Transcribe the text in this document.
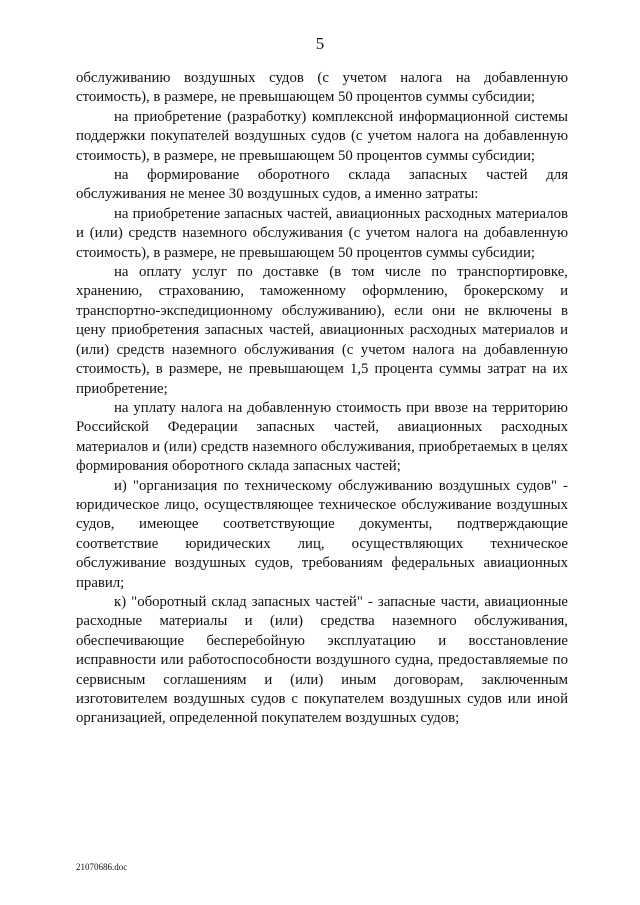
5

обслуживанию воздушных судов (с учетом налога на добавленную стоимость), в размере, не превышающем 50 процентов суммы субсидии;

на приобретение (разработку) комплексной информационной системы поддержки покупателей воздушных судов (с учетом налога на добавленную стоимость), в размере, не превышающем 50 процентов суммы субсидии;

на формирование оборотного склада запасных частей для обслуживания не менее 30 воздушных судов, а именно затраты:

на приобретение запасных частей, авиационных расходных материалов и (или) средств наземного обслуживания (с учетом налога на добавленную стоимость), в размере, не превышающем 50 процентов суммы субсидии;

на оплату услуг по доставке (в том числе по транспортировке, хранению, страхованию, таможенному оформлению, брокерскому и транспортно-экспедиционному обслуживанию), если они не включены в цену приобретения запасных частей, авиационных расходных материалов и (или) средств наземного обслуживания (с учетом налога на добавленную стоимость), в размере, не превышающем 1,5 процента суммы затрат на их приобретение;

на уплату налога на добавленную стоимость при ввозе на территорию Российской Федерации запасных частей, авиационных расходных материалов и (или) средств наземного обслуживания, приобретаемых в целях формирования оборотного склада запасных частей;

и) "организация по техническому обслуживанию воздушных судов" - юридическое лицо, осуществляющее техническое обслуживание воздушных судов, имеющее соответствующие документы, подтверждающие соответствие юридических лиц, осуществляющих техническое обслуживание воздушных судов, требованиям федеральных авиационных правил;

к) "оборотный склад запасных частей" - запасные части, авиационные расходные материалы и (или) средства наземного обслуживания, обеспечивающие бесперебойную эксплуатацию и восстановление исправности или работоспособности воздушного судна, предоставляемые по сервисным соглашениям и (или) иным договорам, заключенным изготовителем воздушных судов с покупателем воздушных судов или иной организацией, определенной покупателем воздушных судов;

21070686.doc
